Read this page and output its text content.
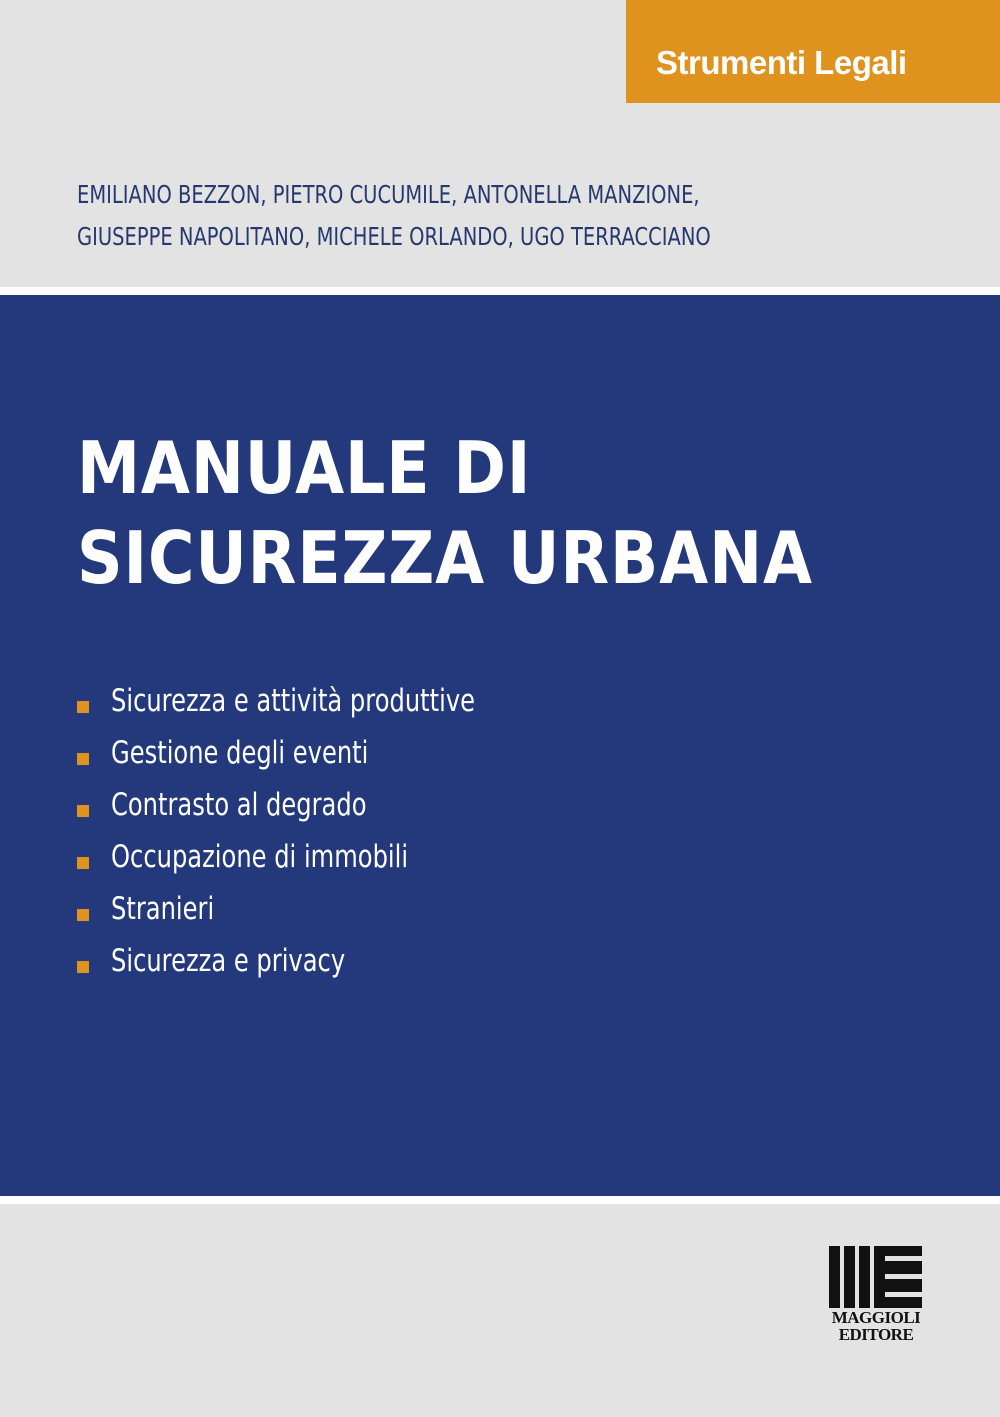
Strumenti Legali
EMILIANO BEZZON, PIETRO CUCUMILE, ANTONELLA MANZIONE,
GIUSEPPE NAPOLITANO, MICHELE ORLANDO, UGO TERRACCIANO
MANUALE DI
SICUREZZA URBANA
Sicurezza e attività produttive
Gestione degli eventi
Contrasto al degrado
Occupazione di immobili
Stranieri
Sicurezza e privacy
MAGGIOLI
EDITORE
